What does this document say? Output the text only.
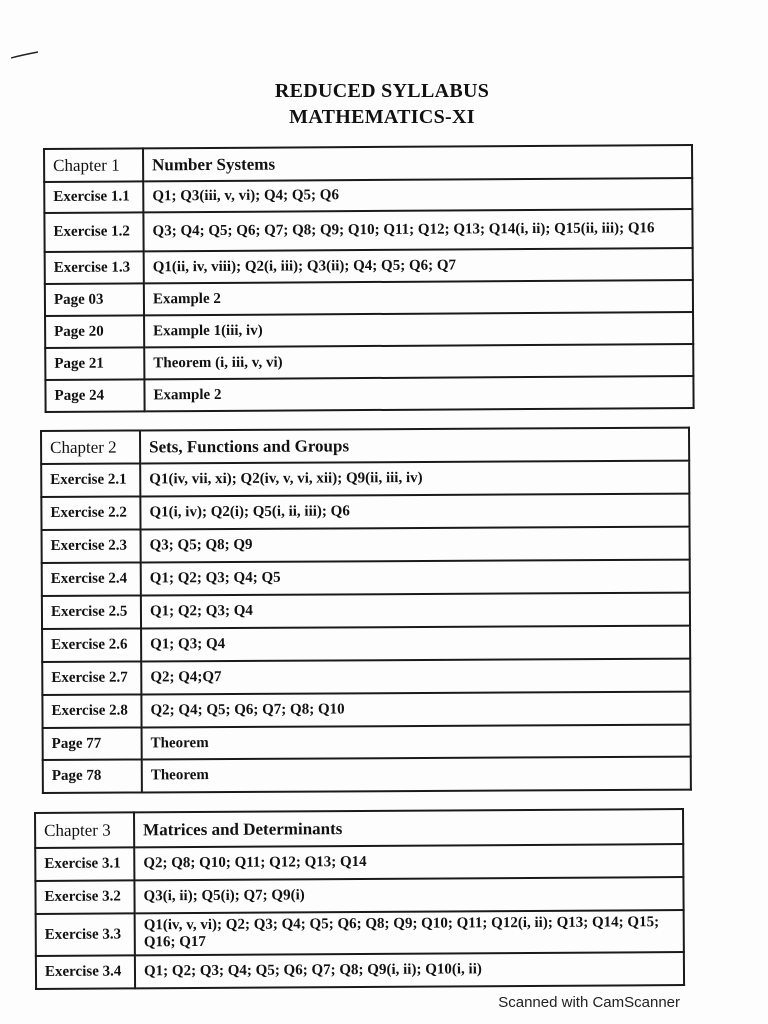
REDUCED SYLLABUS
MATHEMATICS-XI
Chapter 1	Number Systems
Exercise 1.1	Q1; Q3(iii, v, vi); Q4; Q5; Q6
Exercise 1.2	Q3; Q4; Q5; Q6; Q7; Q8; Q9; Q10; Q11; Q12; Q13; Q14(i, ii); Q15(ii, iii); Q16
Exercise 1.3	Q1(ii, iv, viii); Q2(i, iii); Q3(ii); Q4; Q5; Q6; Q7
Page 03	Example 2
Page 20	Example 1(iii, iv)
Page 21	Theorem (i, iii, v, vi)
Page 24	Example 2
Chapter 2	Sets, Functions and Groups
Exercise 2.1	Q1(iv, vii, xi); Q2(iv, v, vi, xii); Q9(ii, iii, iv)
Exercise 2.2	Q1(i, iv); Q2(i); Q5(i, ii, iii); Q6
Exercise 2.3	Q3; Q5; Q8; Q9
Exercise 2.4	Q1; Q2; Q3; Q4; Q5
Exercise 2.5	Q1; Q2; Q3; Q4
Exercise 2.6	Q1; Q3; Q4
Exercise 2.7	Q2; Q4;Q7
Exercise 2.8	Q2; Q4; Q5; Q6; Q7; Q8; Q10
Page 77	Theorem
Page 78	Theorem
Chapter 3	Matrices and Determinants
Exercise 3.1	Q2; Q8; Q10; Q11; Q12; Q13; Q14
Exercise 3.2	Q3(i, ii); Q5(i); Q7; Q9(i)
Exercise 3.3	Q1(iv, v, vi); Q2; Q3; Q4; Q5; Q6; Q8; Q9; Q10; Q11; Q12(i, ii); Q13; Q14; Q15; Q16; Q17
Exercise 3.4	Q1; Q2; Q3; Q4; Q5; Q6; Q7; Q8; Q9(i, ii); Q10(i, ii)
Scanned with CamScanner
